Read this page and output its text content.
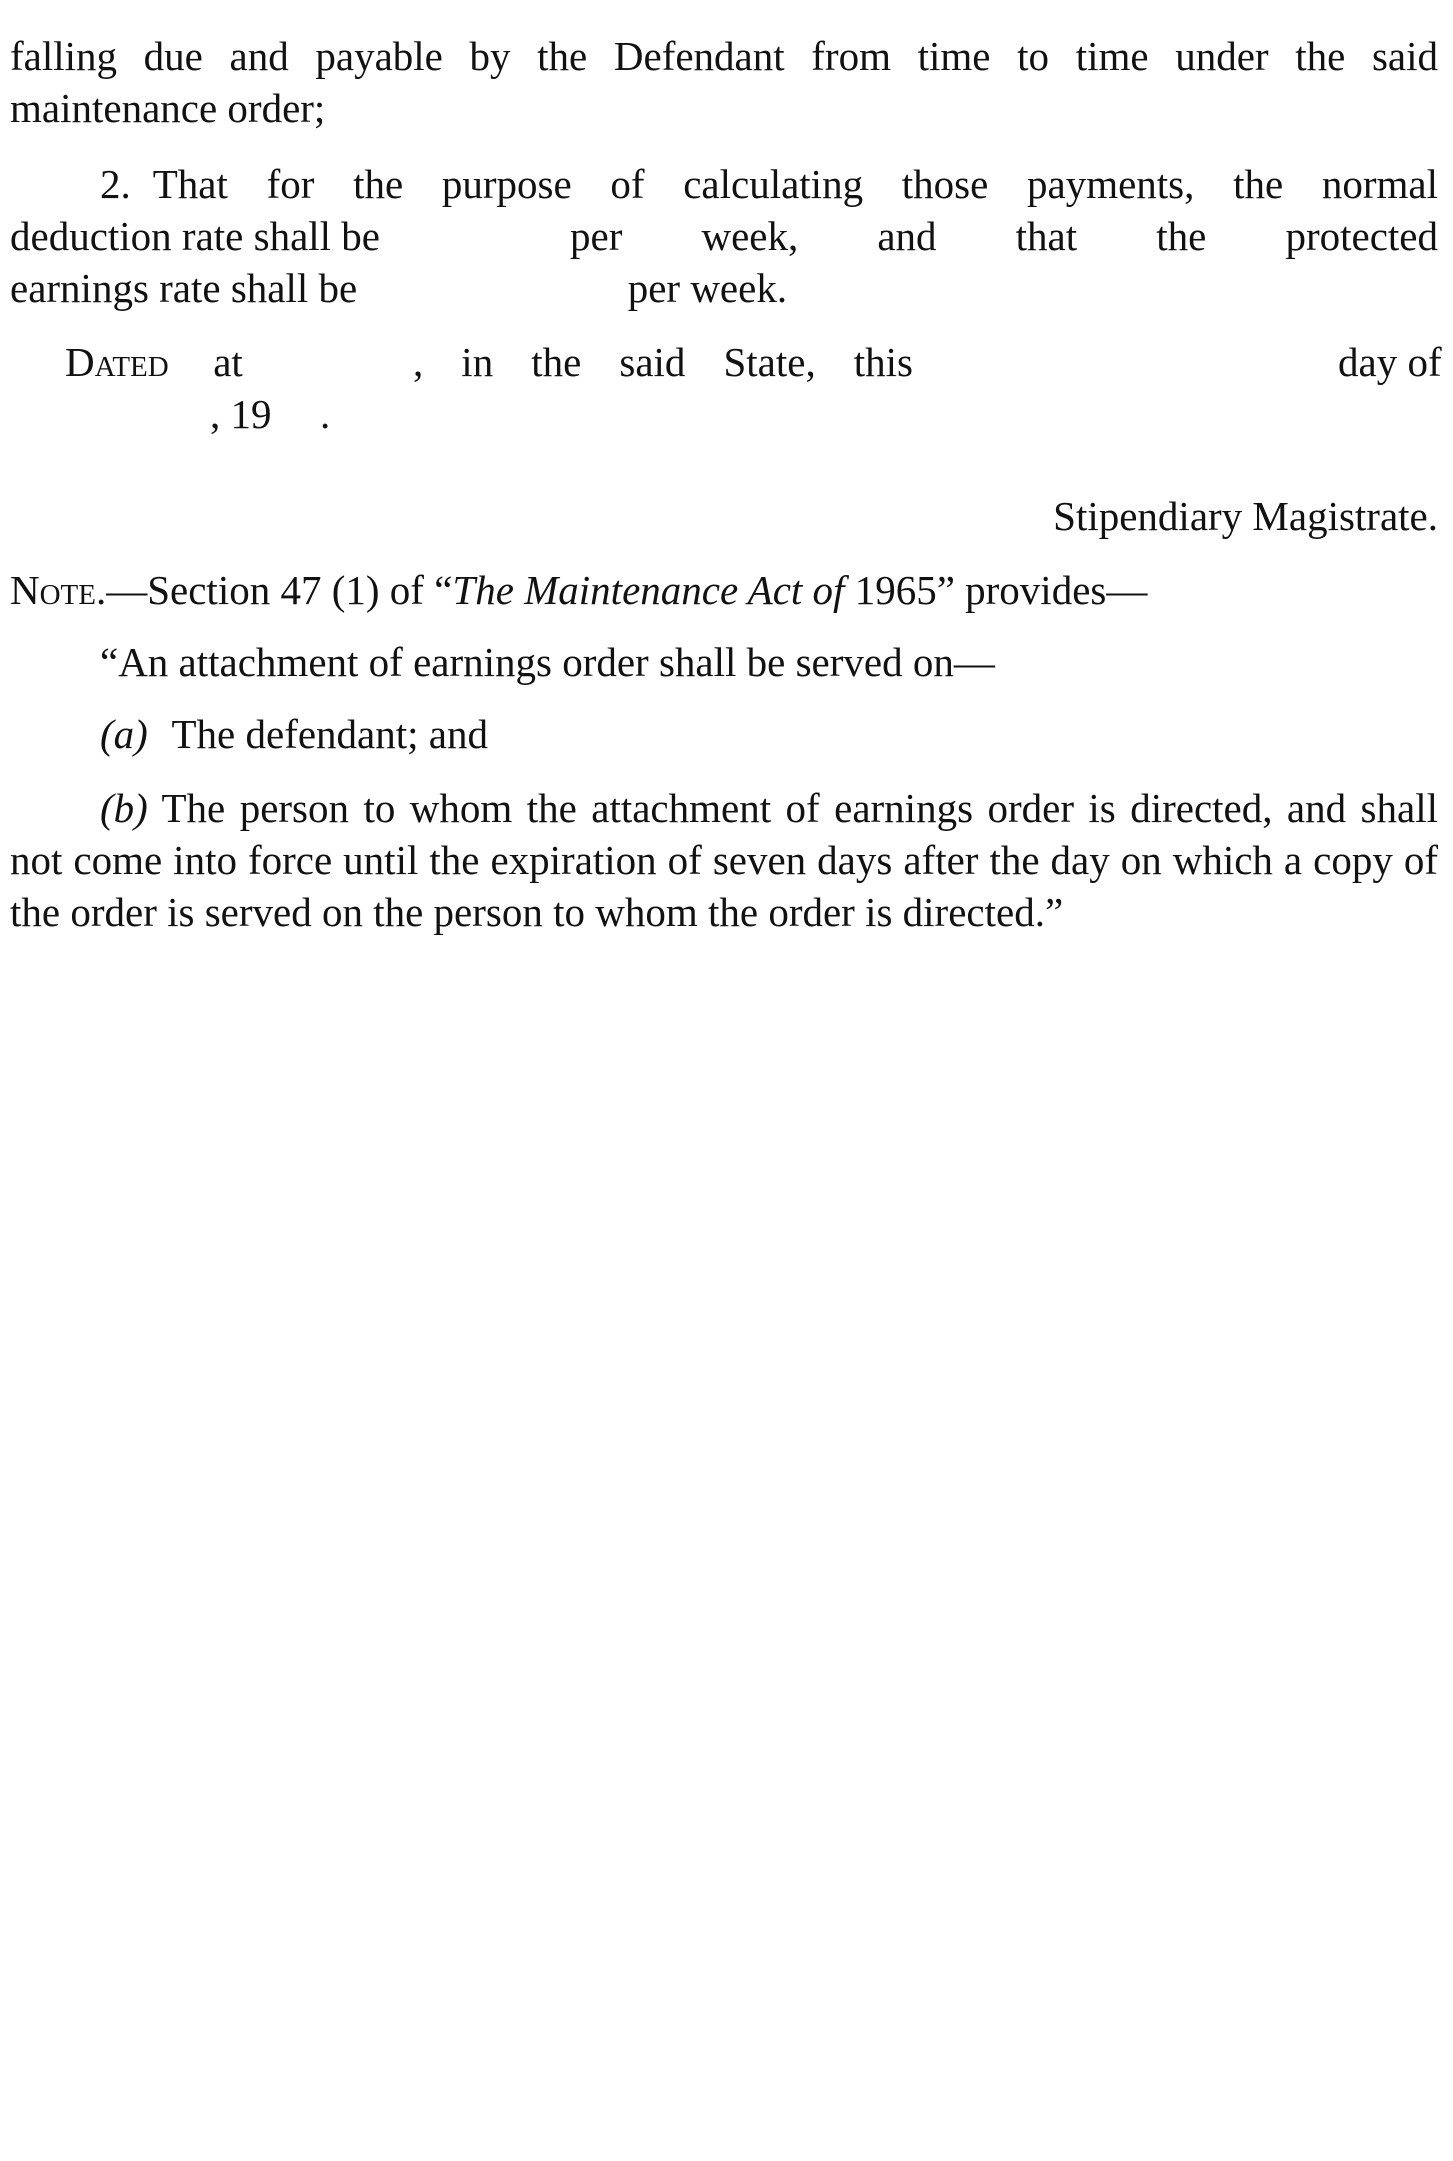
falling due and payable by the Defendant from time to time under the said maintenance order;

2. That for the purpose of calculating those payments, the normal
deduction rate shall be	per week, and that the protected
earnings rate shall be	per week.
Dated at	, in the said State, this	day of
, 19 .

Stipendiary Magistrate.

Note.—Section 47 (1) of “The Maintenance Act of 1965” provides—

“An attachment of earnings order shall be served on—

(a) The defendant; and

(b) The person to whom the attachment of earnings order is directed, and shall not come into force until the expiration of seven days after the day on which a copy of the order is served on the person to whom the order is directed.”
